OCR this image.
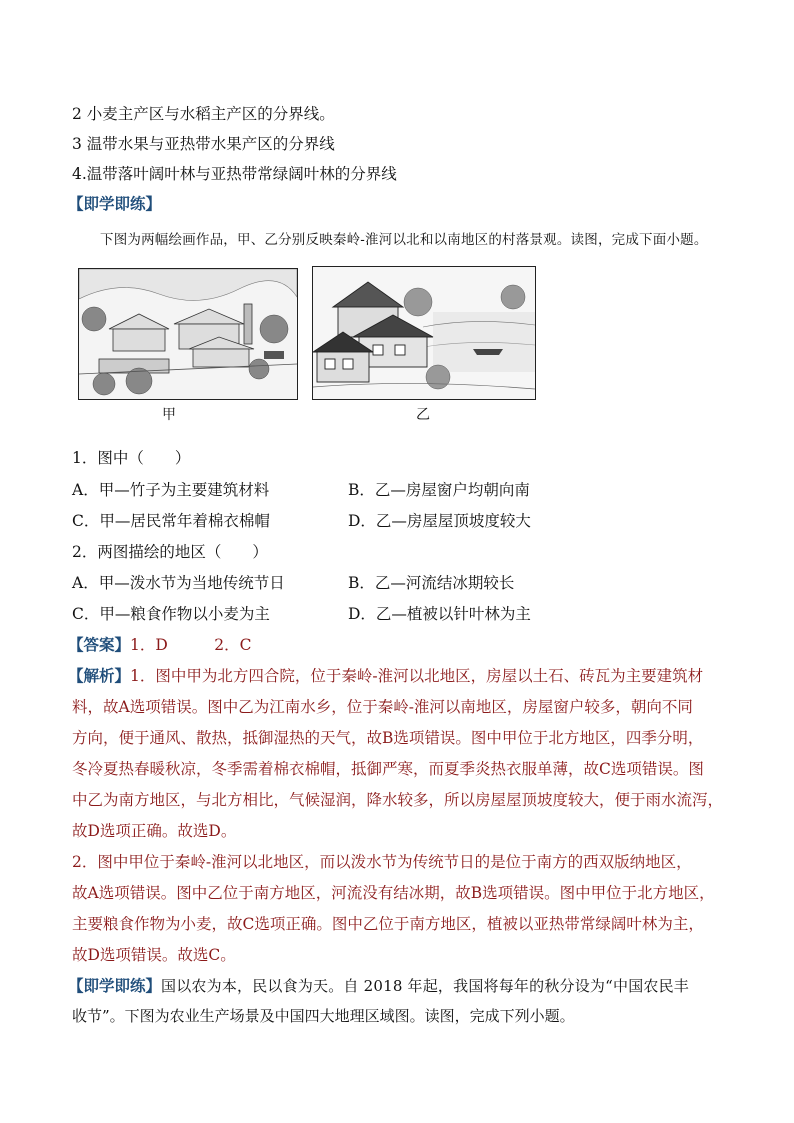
2 小麦主产区与水稻主产区的分界线。
3 温带水果与亚热带水果产区的分界线
4.温带落叶阔叶林与亚热带常绿阔叶林的分界线
【即学即练】
下图为两幅绘画作品，甲、乙分别反映秦岭-淮河以北和以南地区的村落景观。读图，完成下面小题。
甲	乙
1．图中（　　）
A．甲—竹子为主要建筑材料	B．乙—房屋窗户均朝向南
C．甲—居民常年着棉衣棉帽	D．乙—房屋屋顶坡度较大
2．两图描绘的地区（　　）
A．甲—泼水节为当地传统节日	B．乙—河流结冰期较长
C．甲—粮食作物以小麦为主	D．乙—植被以针叶林为主
【答案】1．D　　　2．C
【解析】1．图中甲为北方四合院，位于秦岭-淮河以北地区，房屋以土石、砖瓦为主要建筑材
料，故A选项错误。图中乙为江南水乡，位于秦岭-淮河以南地区，房屋窗户较多，朝向不同
方向，便于通风、散热，抵御湿热的天气，故B选项错误。图中甲位于北方地区，四季分明，
冬冷夏热春暖秋凉，冬季需着棉衣棉帽，抵御严寒，而夏季炎热衣服单薄，故C选项错误。图
中乙为南方地区，与北方相比，气候湿润，降水较多，所以房屋屋顶坡度较大，便于雨水流泻，
故D选项正确。故选D。
2．图中甲位于秦岭-淮河以北地区，而以泼水节为传统节日的是位于南方的西双版纳地区，
故A选项错误。图中乙位于南方地区，河流没有结冰期，故B选项错误。图中甲位于北方地区，
主要粮食作物为小麦，故C选项正确。图中乙位于南方地区，植被以亚热带常绿阔叶林为主，
故D选项错误。故选C。
【即学即练】国以农为本，民以食为天。自 2018 年起，我国将每年的秋分设为“中国农民丰
收节”。下图为农业生产场景及中国四大地理区域图。读图，完成下列小题。
